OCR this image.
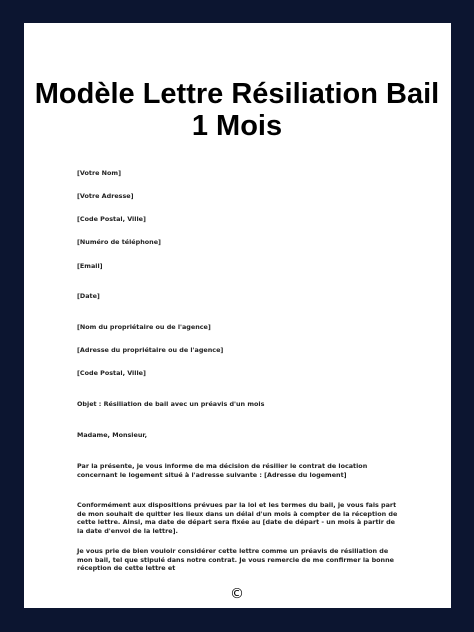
Modèle Lettre Résiliation Bail
1 Mois
[Votre Nom]
[Votre Adresse]
[Code Postal, Ville]
[Numéro de téléphone]
[Email]
[Date]
[Nom du propriétaire ou de l'agence]
[Adresse du propriétaire ou de l'agence]
[Code Postal, Ville]
Objet : Résiliation de bail avec un préavis d'un mois
Madame, Monsieur,
Par la présente, je vous informe de ma décision de résilier le contrat de location concernant le logement situé à l'adresse suivante : [Adresse du logement]
Conformément aux dispositions prévues par la loi et les termes du bail, je vous fais part de mon souhait de quitter les lieux dans un délai d'un mois à compter de la réception de cette lettre. Ainsi, ma date de départ sera fixée au [date de départ - un mois à partir de la date d'envoi de la lettre].
Je vous prie de bien vouloir considérer cette lettre comme un préavis de résiliation de mon bail, tel que stipulé dans notre contrat. Je vous remercie de me confirmer la bonne réception de cette lettre et
©
